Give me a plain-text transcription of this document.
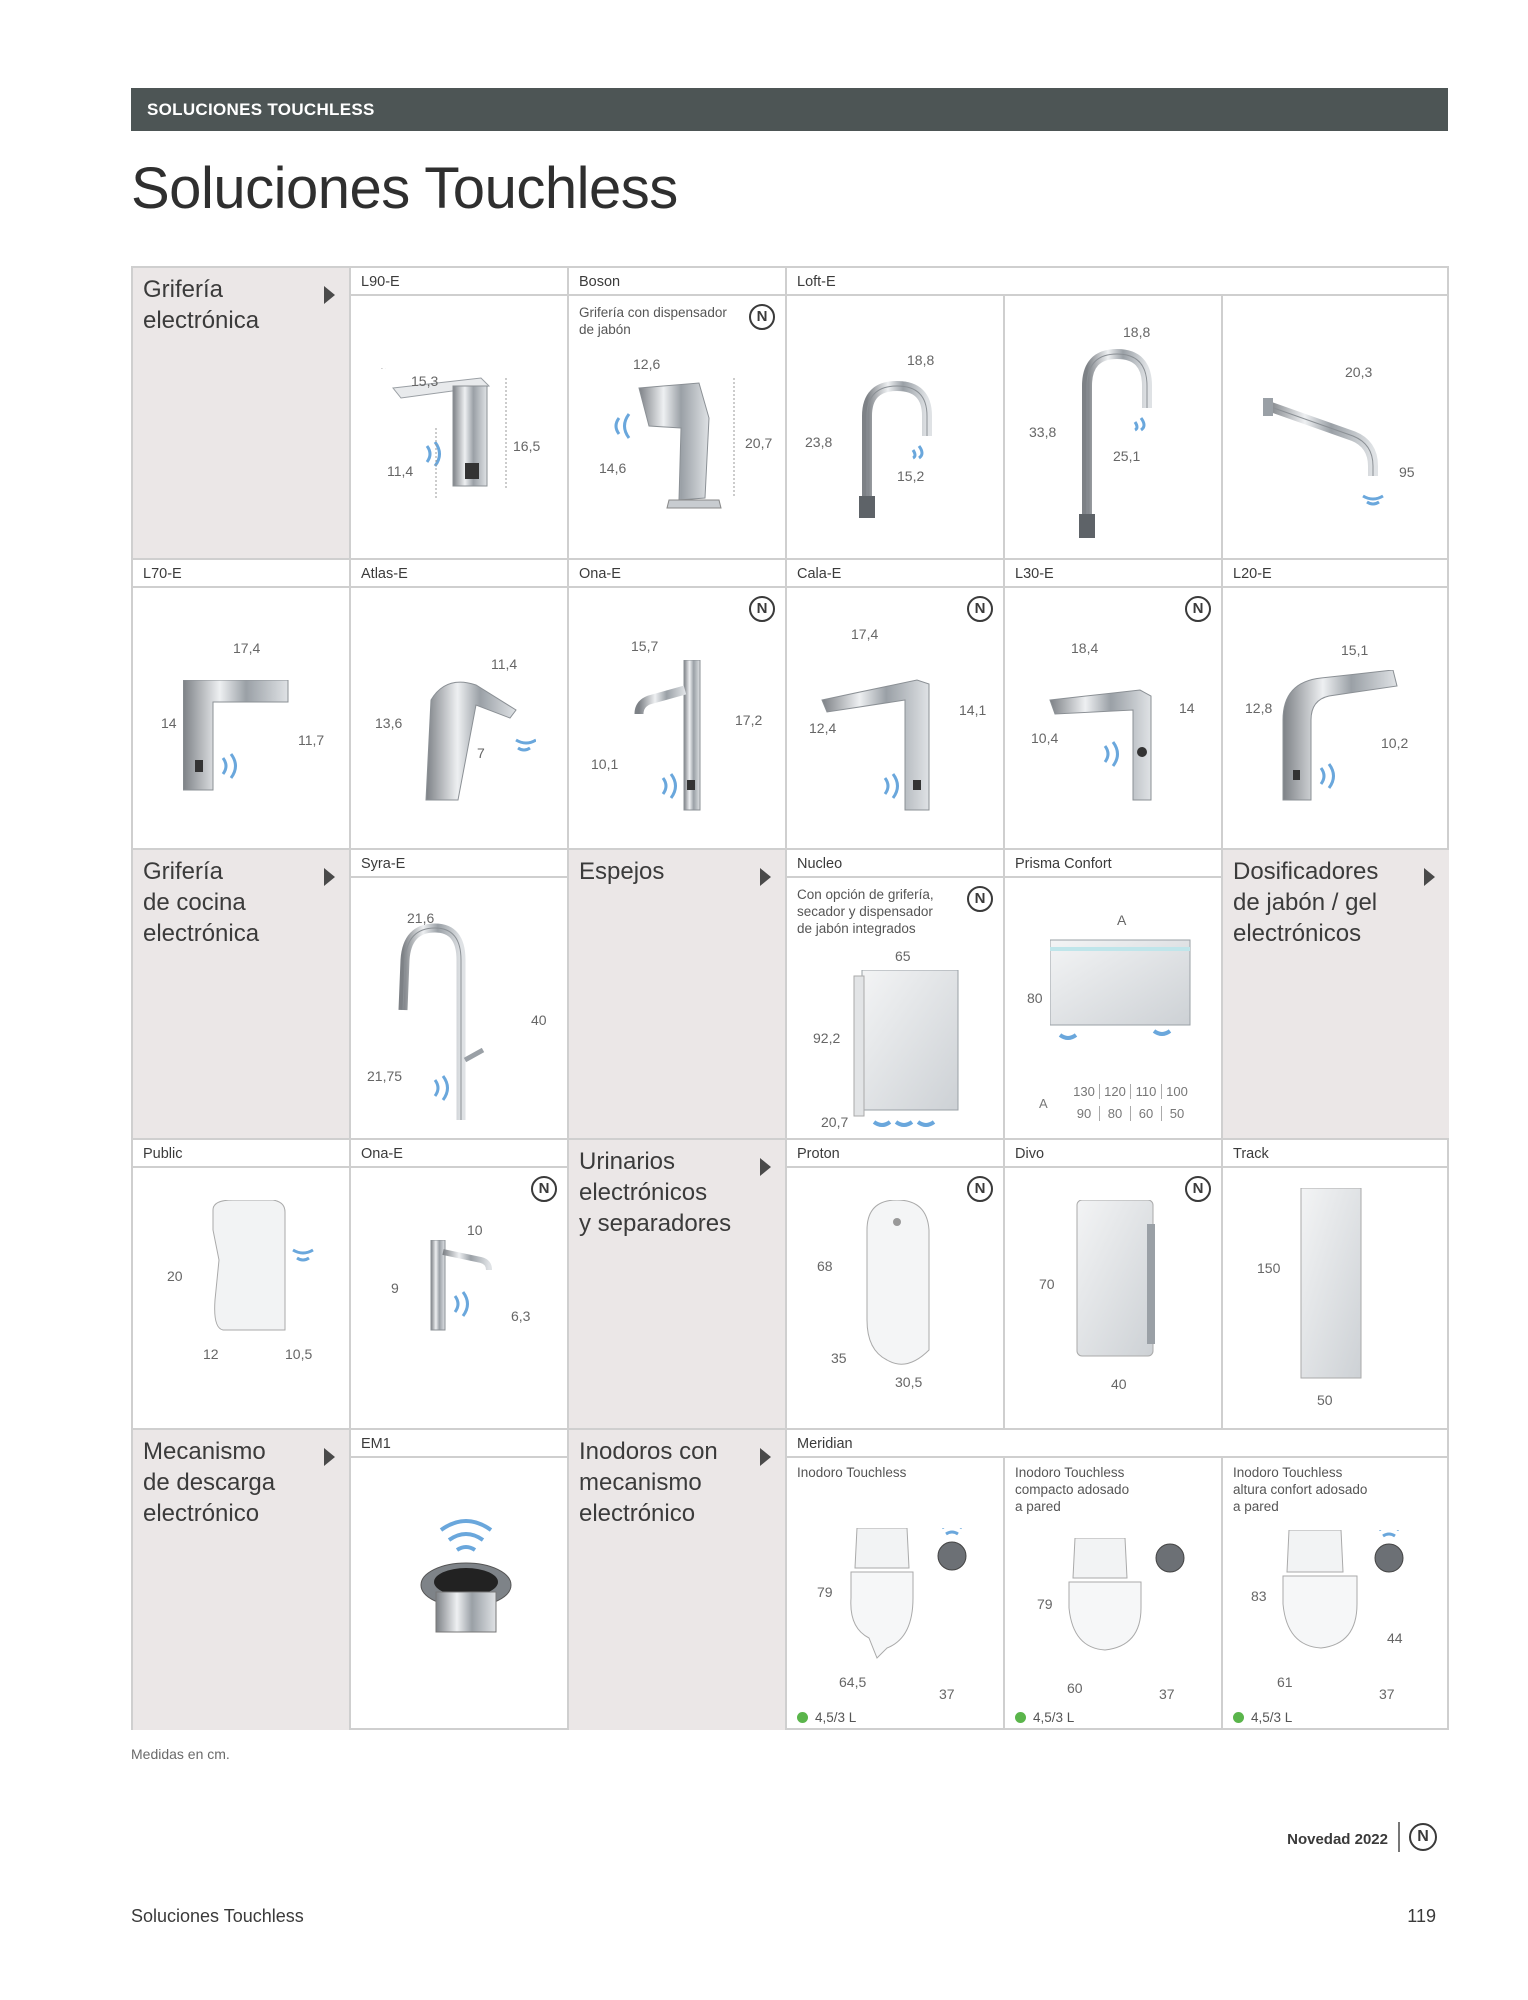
SOLUCIONES TOUCHLESS
Soluciones Touchless
Grifería
electrónica
L90-E
15,3
16,5
11,4
Boson
Grifería con dispensador
de jabón
N
12,6
20,7
14,6
Loft-E
18,8
23,8
15,2
18,8
33,8
25,1
20,3
95
L70-E
17,4
14
11,7
Atlas-E
11,4
13,6
7
Ona-E
N
15,7
17,2
10,1
Cala-E
N
17,4
12,4
14,1
L30-E
N
18,4
10,4
14
L20-E
15,1
12,8
10,2
Grifería
de cocina
electrónica
Syra-E
21,6
40
21,75
Espejos	Nucleo
Con opción de grifería,
secador y dispensador
de jabón integrados
N
65
92,2
20,7
Prisma Confort
A
80
A
130 120 110 100
90	80	60	50
Dosificadores
de jabón / gel
electrónicos
Public
20
12	10,5
Ona-E
N
10
9
6,3
Urinarios
electrónicos
y separadores
Proton
N
68
35
30,5
Divo
N
70
40
Track
150
50
Mecanismo
de descarga
electrónico
EM1	Inodoros con
mecanismo
electrónico
Meridian
Inodoro Touchless
79
64,5
37
4,5/3 L
Inodoro Touchless
compacto adosado
a pared
79
60	37
4,5/3 L
Inodoro Touchless
altura confort adosado
a pared
83
61
37
44
4,5/3 L
Medidas en cm.
Novedad 2022	N
Soluciones Touchless	119
